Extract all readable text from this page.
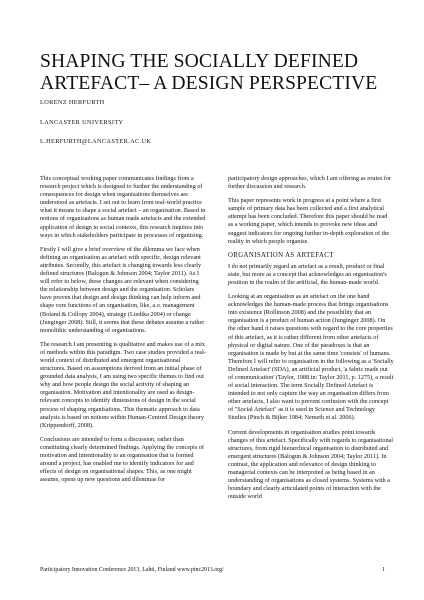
SHAPING THE SOCIALLY DEFINED ARTEFACT– A DESIGN PERSPECTIVE

LORENZ HERFURTH

LANCASTER UNIVERSITY

L.HERFURTH@LANCASTER.AC.UK

This conceptual working paper communicates findings from a research project which is designed to further the understanding of consequences for design when organisations themselves are understood as artefacts. I set out to learn from real-world practice what it means to shape a social artefact – an organisation. Based in notions of organisations as human made artefacts and the extended application of design to social contexts, this research inquires into ways in which stakeholders participate in processes of organising.

Firstly I will give a brief overview of the dilemma we face when defining an organisation as artefact with specific, design relevant attributes. Secondly, this artefact is changing towards less clearly defined structures (Balogun & Johnson 2004; Taylor 2011). As I will refer to below, these changes are relevant when considering the relationship between design and the organisation. Scholars have proven that design and design thinking can help inform and shape core functions of an organisation, like, a.o. management (Boland & Collopy 2004), strategy (Liedtka 2004) or change (Junginger 2008). Still, it seems that these debates assume a rather monolithic understanding of organisations.

The research I am presenting is qualitative and makes use of a mix of methods within this paradigm. Two case studies provided a real-world context of distributed and emergent organisational structures. Based on assumptions derived from an initial phase of grounded data analysis, I am using two specific themes to find out why and how people design the social activity of shaping an organisation. Motivation and intentionality are used as design-relevant concepts to identify dimensions of design in the social process of shaping organisations. This thematic approach to data analysis is based on notions within Human-Centred Design theory (Krippendorff, 2008).

Conclusions are intended to form a discussion, rather than constituting clearly determined findings. Applying the concepts of motivation and intentionality to an organisation that is formed around a project, has enabled me to identify indicators for and effects of design on organisational shapes. This, as one might assume, opens up new questions and dilemmas for

participatory design approaches, which I am offering as routes for further discussion and research.

This paper represents work in progress at a point where a first sample of primary data has been collected and a first analytical attempt has been concluded. Therefore this paper should be read as a working paper, which intends to provoke new ideas and suggest indicators for ongoing further in-depth exploration of the reality in which people organise.

ORGANISATION AS ARTEFACT

I do not primarily regard an artefact as a result, product or final state, but more as a concept that acknowledges an organisation's position in the realm of the artificial, the human-made world.

Looking at an organisation as an artefact on the one hand acknowledges the human-made process that brings organisations into existence (Rollinson 2008) and the possibility that an organisation is a product of human action (Junginger 2008). On the other hand it raises questions with regard to the core properties of this artefact, as it is rather different from other artefacts of physical or digital nature. One of the paradoxes is that an organisation is made by but at the same time 'consists' of humans. Therefore I will refer to organisation in the following as a 'Socially Defined Artefact' (SDA), an artificial product, 'a fabric made out of communication' (Taylor, 1988 in: Taylor 2011, p. 1275), a result of social interaction. The term Socially Defined Artefact is intended to not only capture the way an organisation differs from other artefacts, I also want to prevent confusion with the concept of "Social Artefact" as it is used in Science and Technology Studies (Pinch & Bijker 1984; Nemeth et al. 2006).

Current developments in organisation studies point towards changes of this artefact. Specifically with regards to organisational structures, from rigid hierarchical organisation to distributed and emergent structures (Balogun & Johnson 2004; Taylor 2011). In contrast, the application and relevance of design thinking to managerial contexts can be interpreted as being based in an understanding of organisations as closed systems. Systems with a boundary and clearly articulated points of interaction with the outside world

Participatory Innovation Conference 2013, Lahti, Finland www.pinc2013.org/	1
